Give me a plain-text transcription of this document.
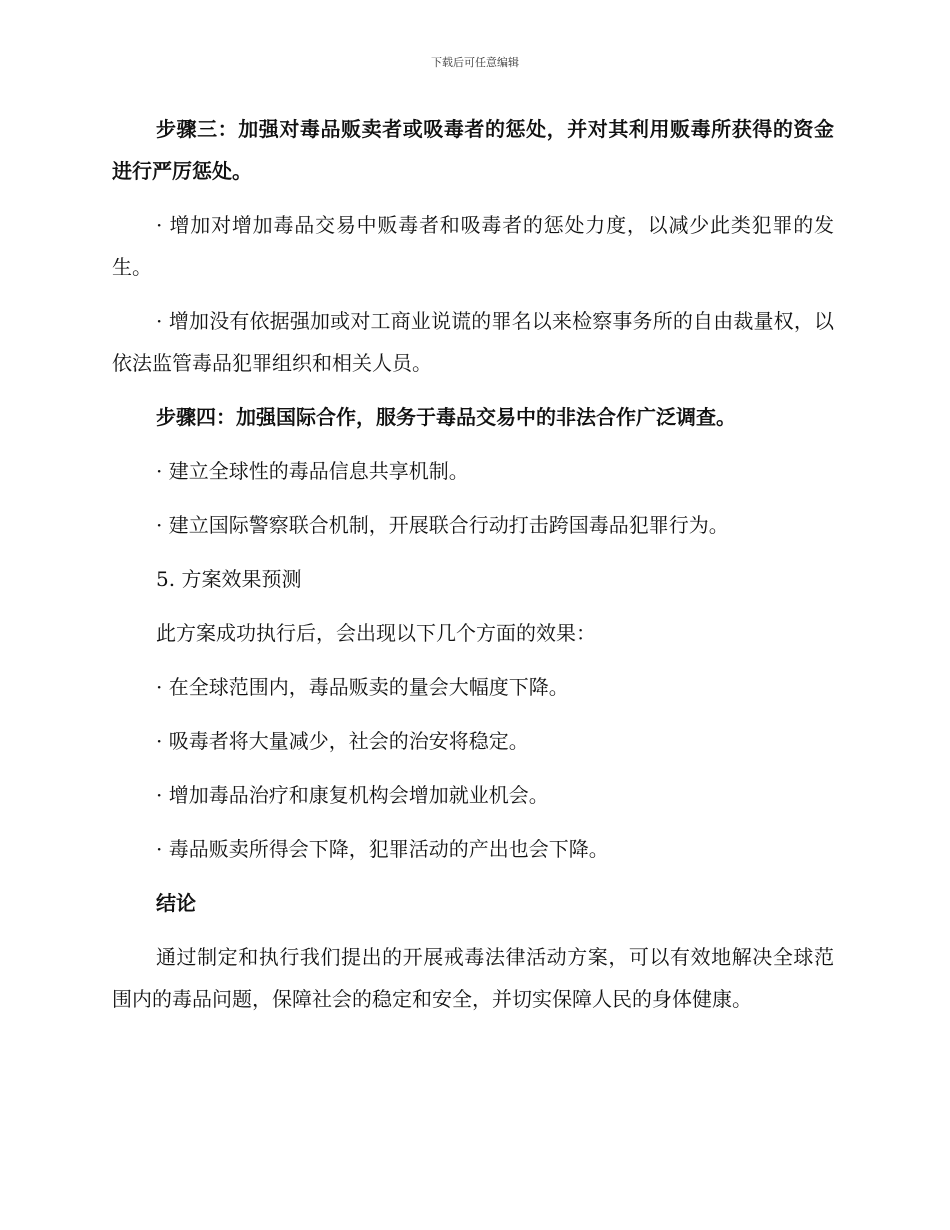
下载后可任意编辑

步骤三：加强对毒品贩卖者或吸毒者的惩处，并对其利用贩毒所获得的资金进行严厉惩处。

· 增加对增加毒品交易中贩毒者和吸毒者的惩处力度，以减少此类犯罪的发生。

· 增加没有依据强加或对工商业说谎的罪名以来检察事务所的自由裁量权，以依法监管毒品犯罪组织和相关人员。

步骤四：加强国际合作，服务于毒品交易中的非法合作广泛调查。

· 建立全球性的毒品信息共享机制。

· 建立国际警察联合机制，开展联合行动打击跨国毒品犯罪行为。

5. 方案效果预测

此方案成功执行后，会出现以下几个方面的效果：

· 在全球范围内，毒品贩卖的量会大幅度下降。

· 吸毒者将大量减少，社会的治安将稳定。

· 增加毒品治疗和康复机构会增加就业机会。

· 毒品贩卖所得会下降，犯罪活动的产出也会下降。

结论

通过制定和执行我们提出的开展戒毒法律活动方案，可以有效地解决全球范围内的毒品问题，保障社会的稳定和安全，并切实保障人民的身体健康。
